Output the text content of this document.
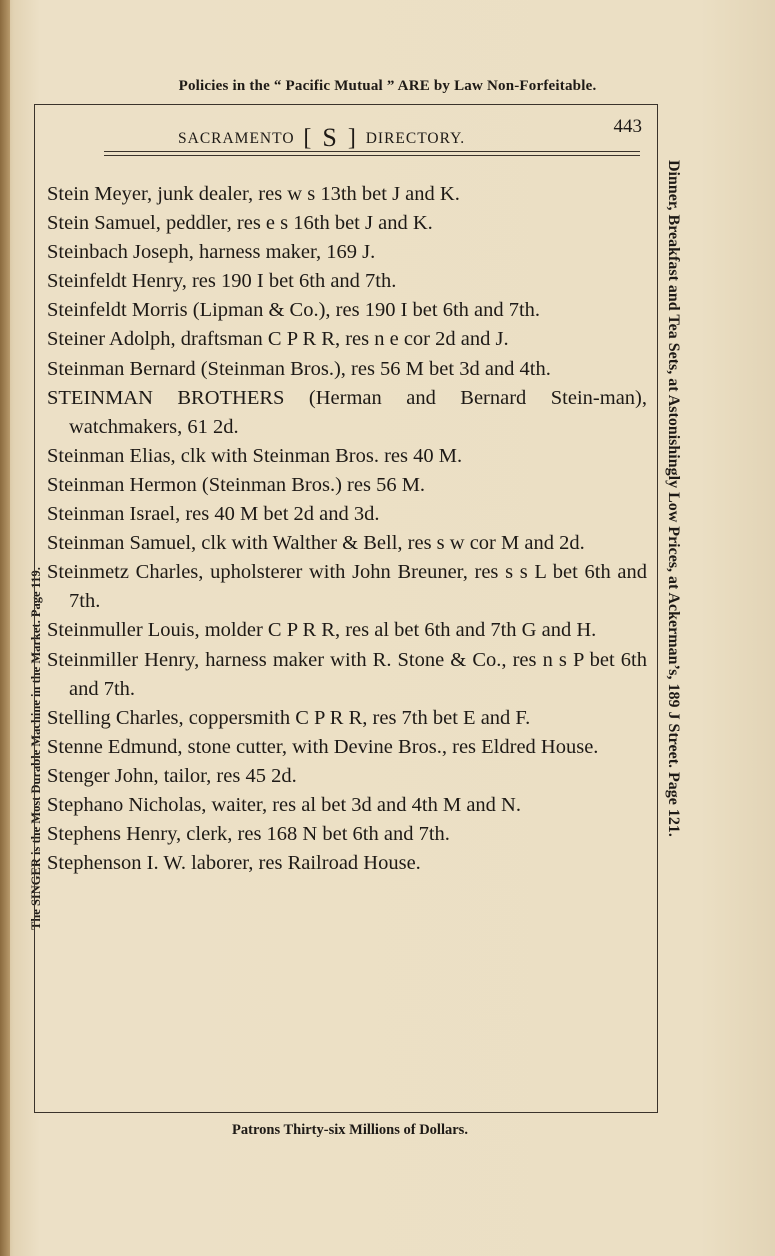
Policies in the “ Pacific Mutual ” ARE by Law Non-Forfeitable.
The SINGER is the Most Durable Machine in the Market. Page 119.	Dinner, Breakfast and Tea Sets, at Astonishingly Low Prices, at Ackerman’s, 189 J Street. Page 121.
SACRAMENTO [ S ] DIRECTORY.
443
Stein Meyer, junk dealer, res w s 13th bet J and K.
Stein Samuel, peddler, res e s 16th bet J and K.
Steinbach Joseph, harness maker, 169 J.
Steinfeldt Henry, res 190 I bet 6th and 7th.
Steinfeldt Morris (Lipman & Co.), res 190 I bet 6th and 7th.
Steiner Adolph, draftsman C P R R, res n e cor 2d and J.
Steinman Bernard (Steinman Bros.), res 56 M bet 3d and 4th.
STEINMAN BROTHERS (Herman and Bernard Stein-man), watchmakers, 61 2d.
Steinman Elias, clk with Steinman Bros. res 40 M.
Steinman Hermon (Steinman Bros.) res 56 M.
Steinman Israel, res 40 M bet 2d and 3d.
Steinman Samuel, clk with Walther & Bell, res s w cor M and 2d.
Steinmetz Charles, upholsterer with John Breuner, res s s L bet 6th and 7th.
Steinmuller Louis, molder C P R R, res al bet 6th and 7th G and H.
Steinmiller Henry, harness maker with R. Stone & Co., res n s P bet 6th and 7th.
Stelling Charles, coppersmith C P R R, res 7th bet E and F.
Stenne Edmund, stone cutter, with Devine Bros., res Eldred House.
Stenger John, tailor, res 45 2d.
Stephano Nicholas, waiter, res al bet 3d and 4th M and N.
Stephens Henry, clerk, res 168 N bet 6th and 7th.
Stephenson I. W. laborer, res Railroad House.
Patrons Thirty-six Millions of Dollars.
